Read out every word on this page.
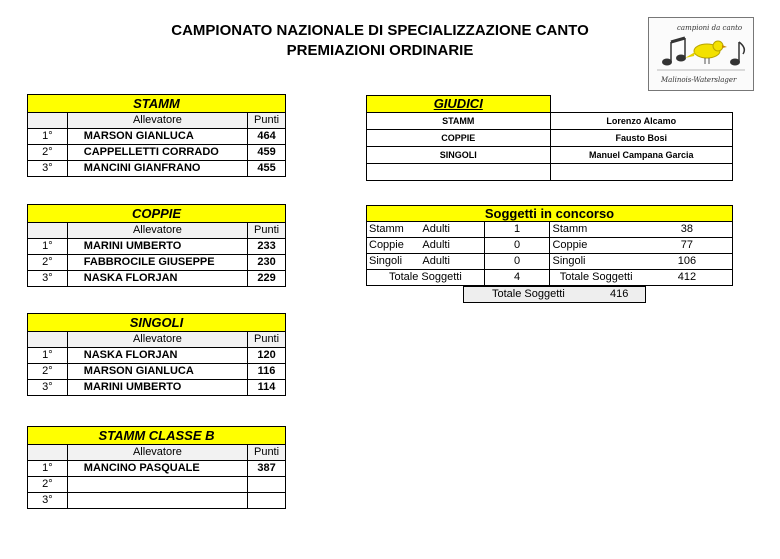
CAMPIONATO NAZIONALE DI SPECIALIZZAZIONE CANTO
PREMIAZIONI ORDINARIE
campioni da canto
Malinois-Waterslager
STAMM		
	Allevatore	Punti
1°	MARSON GIANLUCA	464
2°	CAPPELLETTI CORRADO	459
3°	MANCINI GIANFRANO	455
COPPIE		
	Allevatore	Punti
1°	MARINI UMBERTO	233
2°	FABBROCILE GIUSEPPE	230
3°	NASKA FLORJAN	229
SINGOLI		
	Allevatore	Punti
1°	NASKA FLORJAN	120
2°	MARSON GIANLUCA	116
3°	MARINI UMBERTO	114
STAMM CLASSE B		
	Allevatore	Punti
1°	MANCINO PASQUALE	387
2°		
3°		
GIUDICI	
STAMM	Lorenzo Alcamo
COPPIE	Fausto Bosi
SINGOLI	Manuel Campana Garcia

Soggetti in concorso				
Stamm	Adulti	1	Stamm	38
Coppie	Adulti	0	Coppie	77
Singoli	Adulti	0	Singoli	106
Totale Soggetti		4	Totale Soggetti	412
Totale Soggetti	416
